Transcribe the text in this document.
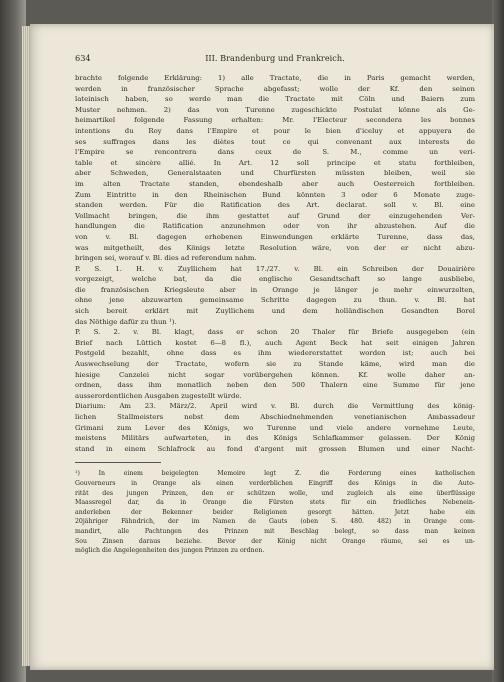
634	III. Brandenburg und Frankreich.
brachte folgende Erklärung: 1) alle Tractate, die in Paris gemacht werden,
werden in französischer Sprache abgefasst; wolle der Kf. den seinen
lateinisch haben, so werde man die Tractate mit Cöln und Baiern zum
Muster nehmen. 2) das von Turenne zugeschickte Postulat könne als Ge-
heimartikel folgende Fassung erhalten: Mr. l'Electeur secondera les bonnes
intentions du Roy dans l'Empire et pour le bien d'iceluy et appuyera de
ses suffrages dans les diètes tout ce qui convenant aux interests de
l'Empire se rencontrera dans ceux de S. M., comme un veri-
table et sincère allié. In Art. 12 soll principe et statu fortbleiben,
aber Schweden, Generalstaaten und Churfürsten müssten bleiben, weil sie
im alten Tractate standen, ebendeshalb aber auch Oesterreich fortbleiben.
Zum Eintritte in den Rheinischen Bund könnten 3 oder 6 Monate zuge-
standen werden. Für die Ratification des Art. declarat. soll v. Bl. eine
Vollmacht bringen, die ihm gestattet auf Grund der einzugehenden Ver-
handlungen die Ratification anzunehmen oder von ihr abzustehen. Auf die
von v. Bl. dagegen erhobenen Einwendungen erklärte Turenne, dass das,
was mitgetheilt, des Königs letzte Resolution wäre, von der er nicht abzu-
bringen sei, worauf v. Bl. dies ad referendum nahm.
P. S. 1. H. v. Zuyllichem hat 17./27. v. Bl. ein Schreiben der Douairière
vorgezeigt, welche bat, da die englische Gesandtschaft so lange ausbliebe,
die französischen Kriegsleute aber in Orange je länger je mehr einwurzelten,
ohne jene abzuwarten gemeinsame Schritte dagegen zu thun. v. Bl. hat
sich bereit erklärt mit Zuyllichem und dem holländischen Gesandten Borel
das Nöthige dafür zu thun ¹).
P. S. 2. v. Bl. klagt, dass er schon 20 Thaler für Briefe ausgegeben (ein
Brief nach Lüttich kostet 6—8 fl.), auch Agent Beck hat seit einigen Jahren
Postgeld bezahlt, ohne dass es ihm wiedererstattet worden ist; auch bei
Auswechselung der Tractate, wofern sie zu Stande käme, wird man die
hiesige Canzelei nicht sogar vorübergehen können. Kf. wolle daher an-
ordnen, dass ihm monatlich neben den 500 Thalern eine Summe für jene
ausserordentlichen Ausgaben zugestellt würde.
Diarium: Am 23. März/2. April wird v. Bl. durch die Vermittlung des könig-
lichen Stallmeisters nebst dem Abschiednehmenden venetianischen Ambassadeur
Grimani zum Lever des Königs, wo Turenne und viele andere vornehme Leute,
meistens Militärs aufwarteten, in des Königs Schlafkammer gelassen. Der König
stand in einem Schlafrock au fond d'argent mit grossen Blumen und einer Nacht-
¹) In einem beigelegten Memoire legt Z. die Forderung eines katholischen
Gouverneurs in Orange als einen verderblichen Eingriff des Königs in die Auto-
rität des jungen Prinzen, den er schützen wolle, und zugleich als eine überflüssige
Maassregel dar, da in Orange die Fürsten stets für ein friedliches Nebenein-
anderleben der Bekenner beider Religionen gesorgt hätten. Jetzt habe ein
20jähriger Fähndrich, der im Namen de Gauts (oben S. 480. 482) in Orange com-
mandirt, alle Pachtungen des Prinzen mit Beschlag belegt, so dass man keinen
Sou Zinsen daraus beziehe. Bevor der König nicht Orange räume, sei es un-
möglich die Angelegenheiten des jungen Prinzen zu ordnen.
